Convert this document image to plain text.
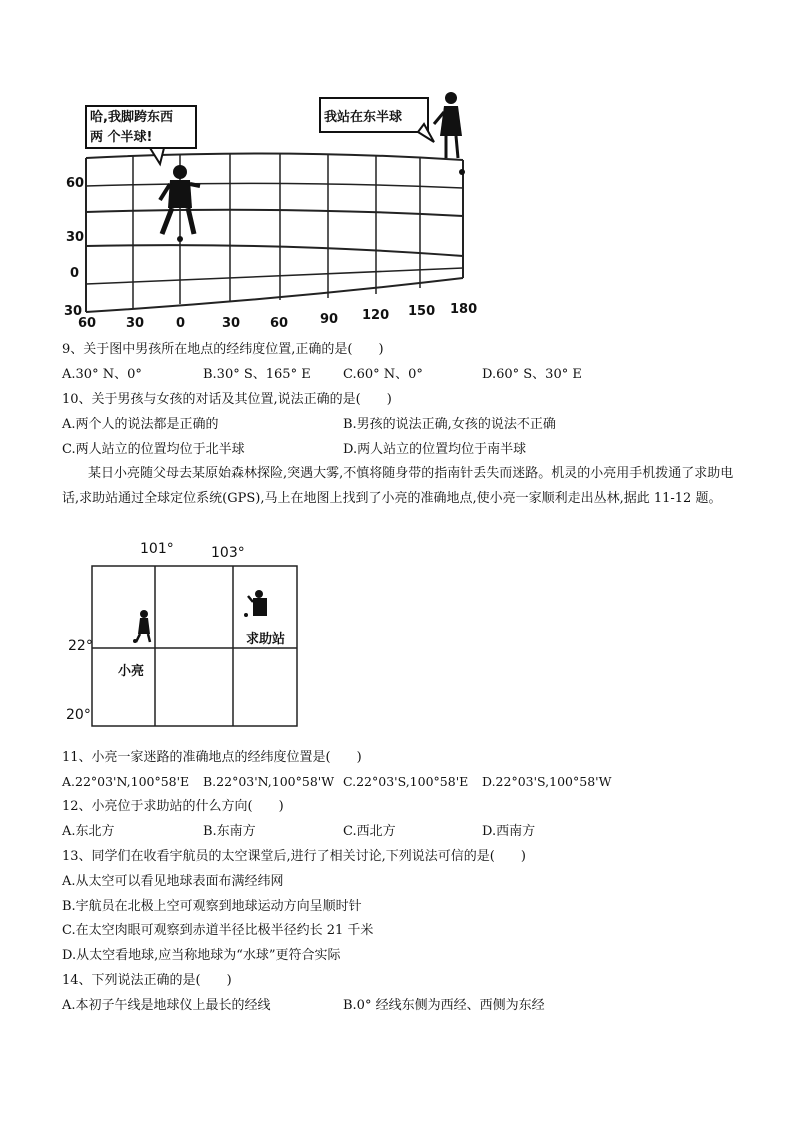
哈,我脚跨东西
两 个半球!
我站在东半球
60
30
0
30
60 30 0	30 60 90 120 150 180
9、关于图中男孩所在地点的经纬度位置,正确的是(　　)
A.30° N、0°	B.30° S、165° E C.60° N、0°	D.60° S、30° E
10、关于男孩与女孩的对话及其位置,说法正确的是(　　)
A.两个人的说法都是正确的	B.男孩的说法正确,女孩的说法不正确
C.两人站立的位置均位于北半球	D.两人站立的位置均位于南半球
某日小亮随父母去某原始森林探险,突遇大雾,不慎将随身带的指南针丢失而迷路。机灵的小亮用手机拨通了求助电话,求助站通过全球定位系统(GPS),马上在地图上找到了小亮的准确地点,使小亮一家顺利走出丛林,据此 11-12 题。
101°	103°
22°
20°
小亮
求助站
11、小亮一家迷路的准确地点的经纬度位置是(　　)
A.22°03'N,100°58'E B.22°03'N,100°58'W C.22°03'S,100°58'E D.22°03'S,100°58'W
12、小亮位于求助站的什么方向(　　)
A.东北方	B.东南方	C.西北方	D.西南方
13、同学们在收看宇航员的太空课堂后,进行了相关讨论,下列说法可信的是(　　)
A.从太空可以看见地球表面布满经纬网
B.宇航员在北极上空可观察到地球运动方向呈顺时针
C.在太空肉眼可观察到赤道半径比极半径约长 21 千米
D.从太空看地球,应当称地球为“水球”更符合实际
14、下列说法正确的是(　　)
A.本初子午线是地球仪上最长的经线	B.0° 经线东侧为西经、西侧为东经
